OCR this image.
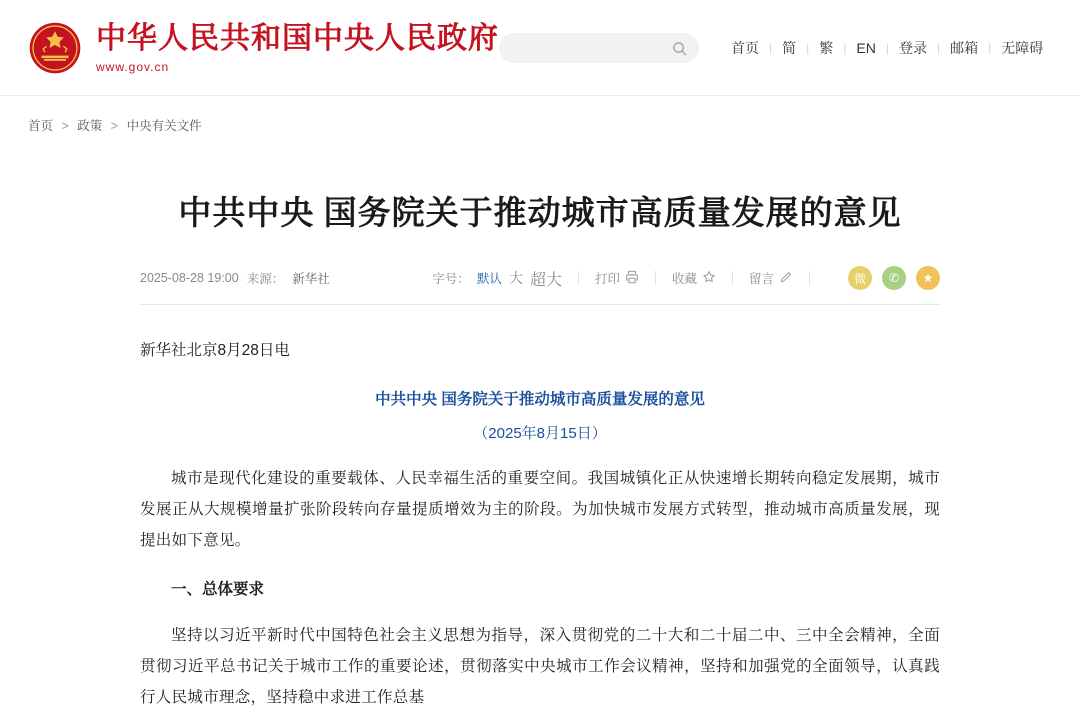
中华人民共和国中央人民政府
www.gov.cn
首页 | 简 | 繁 | EN | 登录 | 邮箱 | 无障碍
首页 > 政策 > 中央有关文件
中共中央 国务院关于推动城市高质量发展的意见
2025-08-28 19:00 来源： 新华社	字号： 默认 大 超大	打印	收藏	留言	微	✆	★
新华社北京8月28日电
中共中央 国务院关于推动城市高质量发展的意见
（2025年8月15日）

城市是现代化建设的重要载体、人民幸福生活的重要空间。我国城镇化正从快速增长期转向稳定发展期，城市发展正从大规模增量扩张阶段转向存量提质增效为主的阶段。为加快城市发展方式转型，推动城市高质量发展，现提出如下意见。

一、总体要求

坚持以习近平新时代中国特色社会主义思想为指导，深入贯彻党的二十大和二十届二中、三中全会精神，全面贯彻习近平总书记关于城市工作的重要论述，贯彻落实中央城市工作会议精神，坚持和加强党的全面领导，认真践行人民城市理念，坚持稳中求进工作总基
